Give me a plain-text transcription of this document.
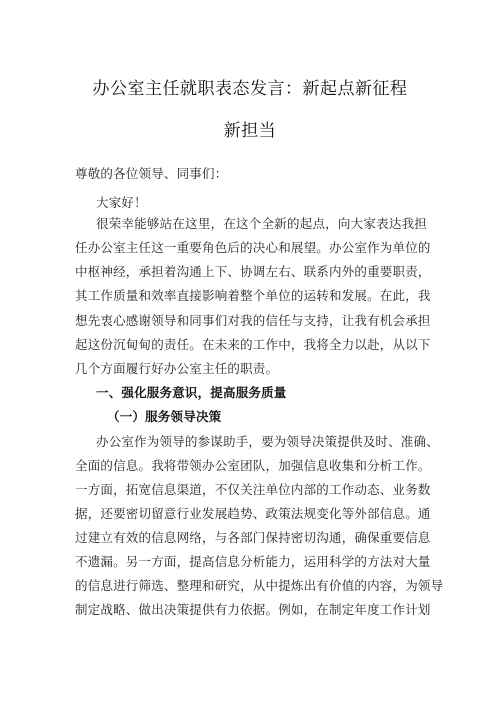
办公室主任就职表态发言：新起点新征程
新担当
尊敬的各位领导、同事们：
大家好！
很荣幸能够站在这里，在这个全新的起点，向大家表达我担
任办公室主任这一重要角色后的决心和展望。办公室作为单位的
中枢神经，承担着沟通上下、协调左右、联系内外的重要职责，
其工作质量和效率直接影响着整个单位的运转和发展。在此，我
想先衷心感谢领导和同事们对我的信任与支持，让我有机会承担
起这份沉甸甸的责任。在未来的工作中，我将全力以赴，从以下
几个方面履行好办公室主任的职责。
一、强化服务意识，提高服务质量
（一）服务领导决策
办公室作为领导的参谋助手，要为领导决策提供及时、准确、
全面的信息。我将带领办公室团队，加强信息收集和分析工作。
一方面，拓宽信息渠道，不仅关注单位内部的工作动态、业务数
据，还要密切留意行业发展趋势、政策法规变化等外部信息。通
过建立有效的信息网络，与各部门保持密切沟通，确保重要信息
不遗漏。另一方面，提高信息分析能力，运用科学的方法对大量
的信息进行筛选、整理和研究，从中提炼出有价值的内容，为领导
制定战略、做出决策提供有力依据。例如，在制定年度工作计划
